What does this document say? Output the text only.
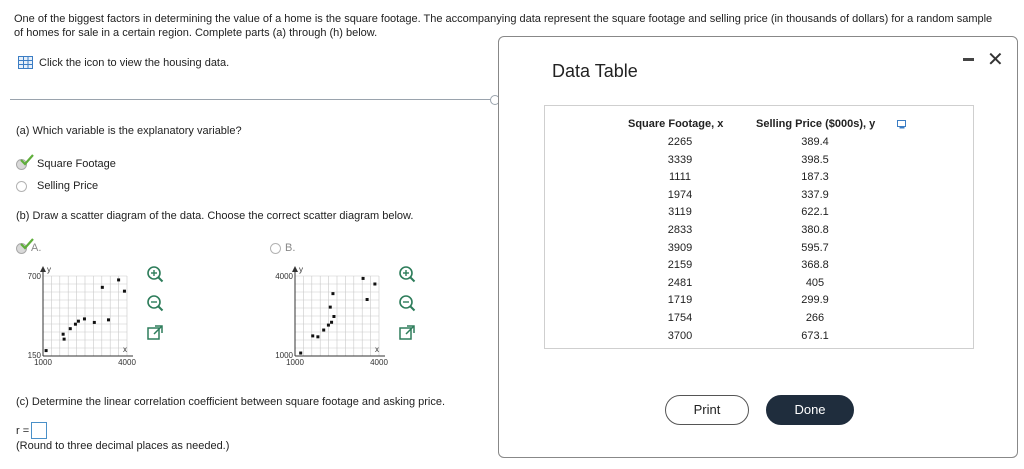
One of the biggest factors in determining the value of a home is the square footage. The accompanying data represent the square footage and selling price (in thousands of dollars) for a random sample of homes for sale in a certain region. Complete parts (a) through (h) below.
Click the icon to view the housing data.
(a) Which variable is the explanatory variable?
Square Footage
Selling Price
(b) Draw a scatter diagram of the data. Choose the correct scatter diagram below.
A.	B.
700
150
1000	4000
y
x
4000
1000
1000	4000
y
x
(c) Determine the linear correlation coefficient between square footage and asking price.
r =
(Round to three decimal places as needed.)
Data Table	✕
Square Footage, x	Selling Price ($000s), y
2265	389.4
3339	398.5
1111	187.3
1974	337.9
3119	622.1
2833	380.8
3909	595.7
2159	368.8
2481	405
1719	299.9
1754	266
3700	673.1
Print	Done
